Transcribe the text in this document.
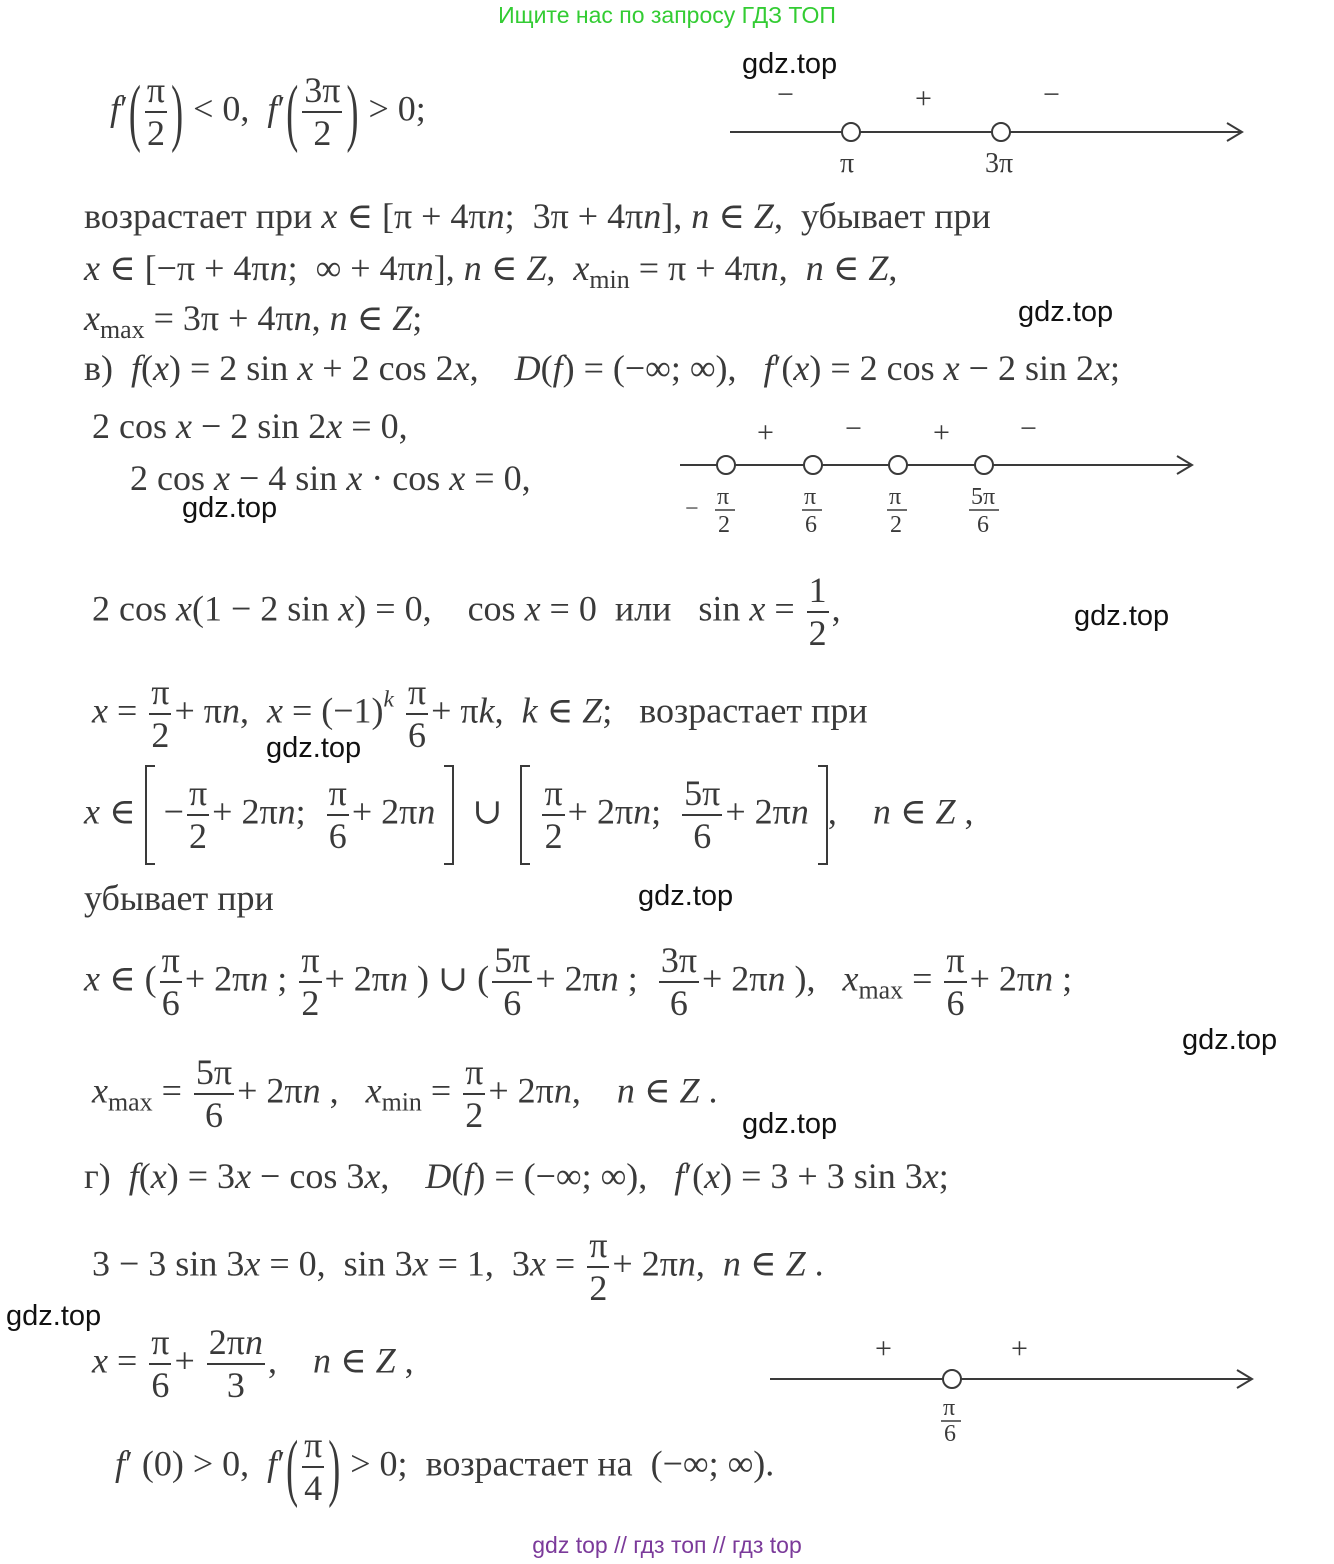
Ищите нас по запросу ГДЗ ТОП
$f'( \frac{\pi}{2}$ ) < 0,  $f'( \frac{3\pi}{2}$ ) > 0;	−	+	−
π	3π
возрастает при x ∈ [π + 4πn;  3π + 4πn], n ∈ Z,  убывает при
x ∈ [−π + 4πn;  ∞ + 4πn], n ∈ Z,  $x_{min} = \pi + 4\pi n$,  n ∈ Z,
$x_{max} = 3\pi + 4\pi n$, n ∈ Z;
в) f(x) = 2 sin x + 2 cos 2x,    D(f) = (−∞; ∞),   f′(x) = 2 cos x − 2 sin 2x;
2 cos x − 2 sin 2x = 0,
2 cos x − 4 sin x · cos x = 0,
+ − + −
− π
2
π
6
π
2
5π
6
2 cos x(1 − 2 sin x) = 0,    cos x = 0  или   $\sin x = \frac{1}{2}$ ,
$x = \frac{\pi}{2} + \pi n$,  $x = (-1)^k \frac{\pi}{6} + \pi k$,  k ∈ Z;   возрастает при
x ∈  − $\frac{\pi}{2} + 2\pi n$; $\frac{\pi}{6} + 2\pi n$   ∪ $\frac{\pi}{2} + 2\pi n$; $\frac{5\pi}{6} + 2\pi n$ ,    n ∈ Z ,
убывает при
x ∈ ( $\frac{\pi}{6} + 2\pi n$ ; $\frac{\pi}{2} + 2\pi n$ ) ∪ ( $\frac{5\pi}{6} + 2\pi n$ ; $\frac{3\pi}{6} + 2\pi n$ ),   $x_{max} = \frac{\pi}{6} + 2\pi n$ ;
$x_{max} = \frac{5\pi}{6} + 2\pi n$ ,   $x_{min} = \frac{\pi}{2} + 2\pi n$,    n ∈ Z .
г) f(x) = 3x − cos 3x,    D(f) = (−∞; ∞),   f′(x) = 3 + 3 sin 3x;
3 − 3 sin 3x = 0,  sin 3x = 1,  $3x = \frac{\pi}{2} + 2\pi n$,  n ∈ Z .
$x = \frac{\pi}{6} + \frac{2\pi n}{3}$ ,    n ∈ Z ,	+	+
π
6
f′ (0) > 0,  $f'( \frac{\pi}{4}$ ) > 0;  возрастает на  (−∞; ∞).
gdz.top
gdz.top
gdz.top
gdz.top
gdz.top
gdz.top
gdz.top
gdz.top
gdz.top
gdz top // гдз топ // гдз top
